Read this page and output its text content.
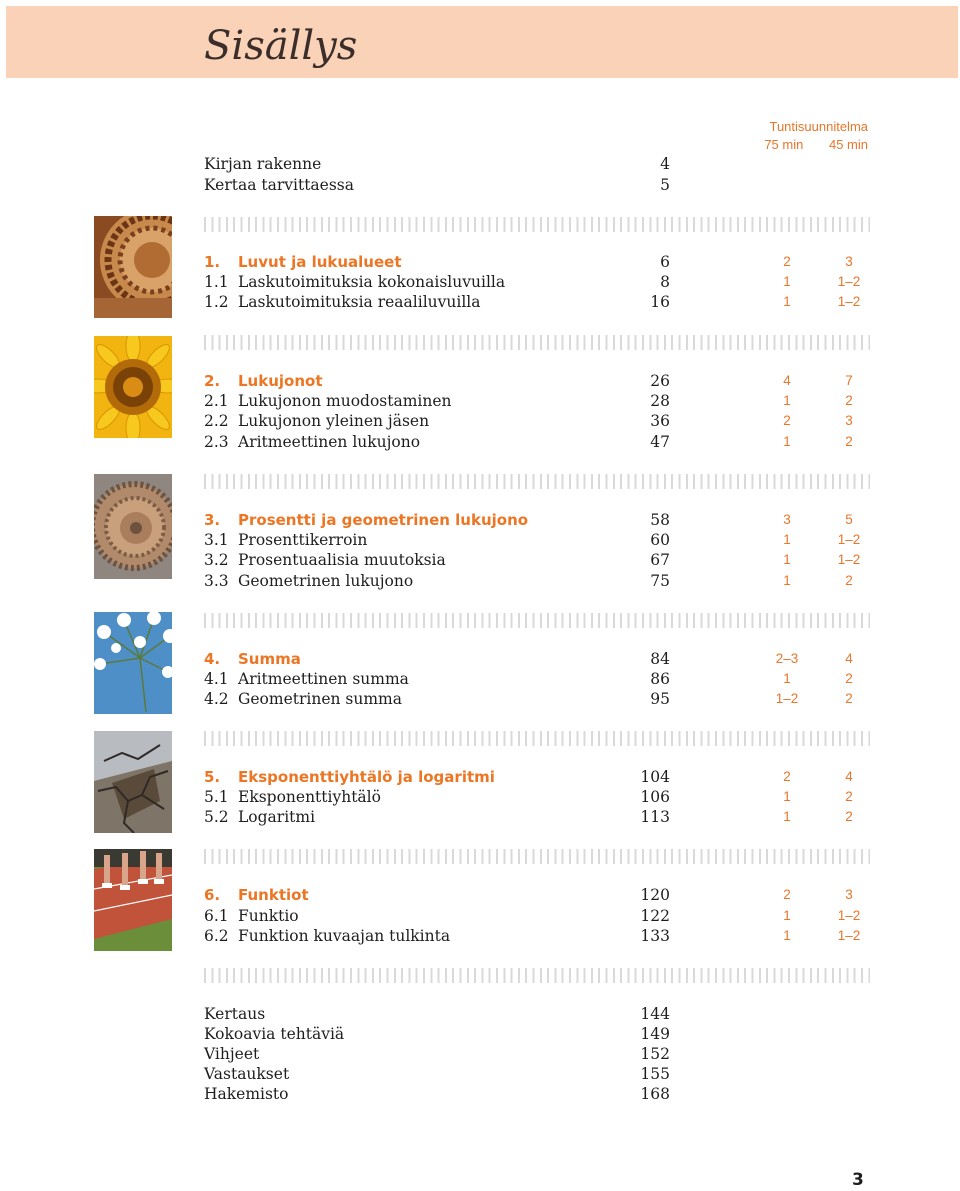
Sisällys
Tuntisuunnitelma
75 min 45 min
Kirjan rakenne	4
Kertaa tarvittaessa	5
1. Luvut ja lukualueet	6	2	3
1.1 Laskutoimituksia kokonaisluvuilla	8	1	1–2
1.2 Laskutoimituksia reaaliluvuilla	16	1	1–2
2. Lukujonot	26	4	7
2.1 Lukujonon muodostaminen	28	1	2
2.2 Lukujonon yleinen jäsen	36	2	3
2.3 Aritmeettinen lukujono	47	1	2
3. Prosentti ja geometrinen lukujono	58	3	5
3.1 Prosenttikerroin	60	1	1–2
3.2 Prosentuaalisia muutoksia	67	1	1–2
3.3 Geometrinen lukujono	75	1	2
4. Summa	84	2–3	4
4.1 Aritmeettinen summa	86	1	2
4.2 Geometrinen summa	95	1–2	2
5. Eksponenttiyhtälö ja logaritmi	104	2	4
5.1 Eksponenttiyhtälö	106	1	2
5.2 Logaritmi	113	1	2
6. Funktiot	120	2	3
6.1 Funktio	122	1	1–2
6.2 Funktion kuvaajan tulkinta	133	1	1–2
Kertaus	144
Kokoavia tehtäviä	149
Vihjeet	152
Vastaukset	155
Hakemisto	168
3
